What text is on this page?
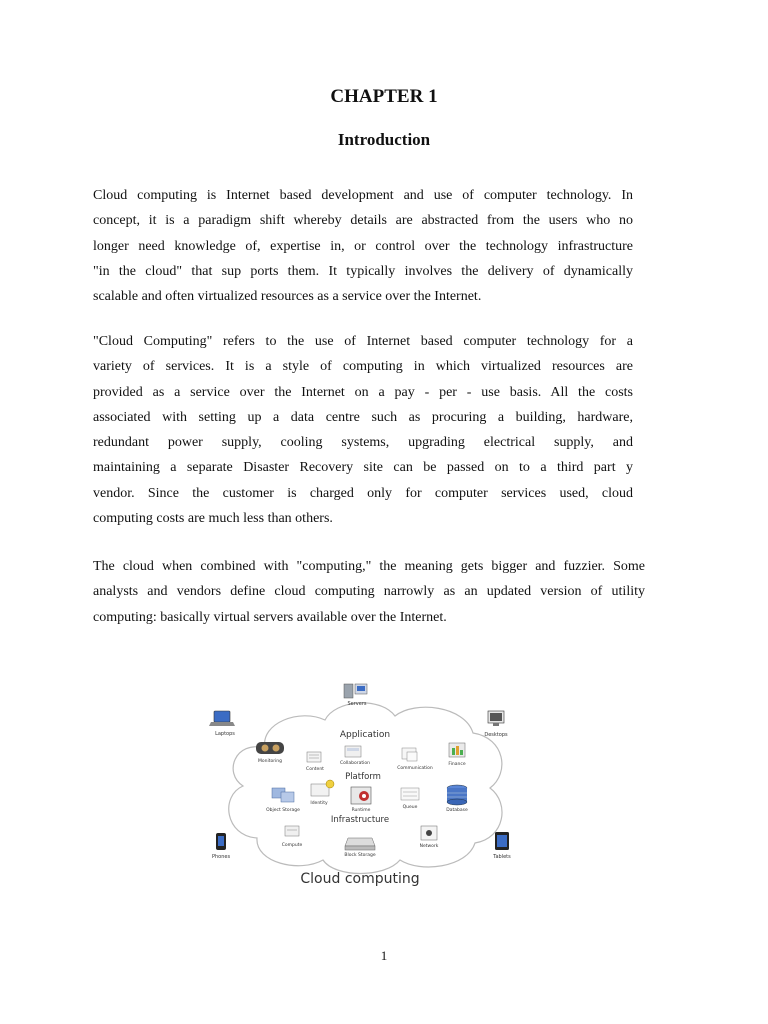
CHAPTER 1
Introduction

Cloud computing is Internet based development and use of computer technology. In
concept, it is a paradigm shift whereby details are abstracted from the users who no
longer need knowledge of, expertise in, or control over the technology infrastructure
"in the cloud" that sup ports them. It typically involves the delivery of dynamically
scalable and often virtualized resources as a service over the Internet.

"Cloud Computing" refers to the use of Internet based computer technology for a
variety of services. It is a style of computing in which virtualized resources are
provided as a service over the Internet on a pay - per - use basis. All the costs
associated with setting up a data centre such as procuring a building, hardware,
redundant power supply, cooling systems, upgrading electrical supply, and
maintaining a separate Disaster Recovery site can be passed on to a third part y
vendor. Since the customer is charged only for computer services used, cloud
computing costs are much less than others.

The cloud when combined with "computing," the meaning gets bigger and fuzzier. Some
analysts and vendors define cloud computing narrowly as an updated version of utility
computing: basically virtual servers available over the Internet.

Servers
Laptops	Desktops
Application
Monitoring
Content
Collaboration
Communication
Finance
Platform
Object Storage
Identity
Runtime
Queue
Database
Infrastructure
Compute
Block Storage
Network
Phones	Tablets
Cloud computing

1
